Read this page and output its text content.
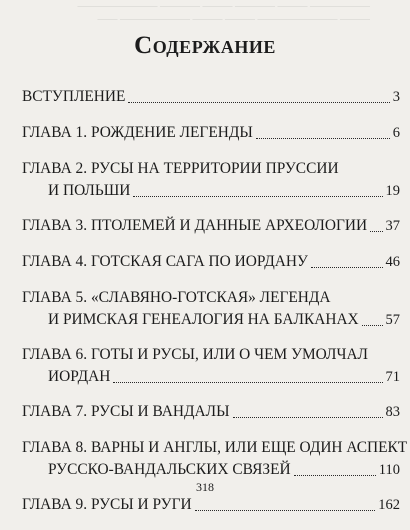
—————— ——— ———— ——— ———— ————————
——— ———————— ——— ——— ——————— ——
Содержание
ВСТУПЛЕНИЕ	3
ГЛАВА 1. РОЖДЕНИЕ ЛЕГЕНДЫ	6
ГЛАВА 2. РУСЫ НА ТЕРРИТОРИИ ПРУССИИ
И ПОЛЬШИ	19
ГЛАВА 3. ПТОЛЕМЕЙ И ДАННЫЕ АРХЕОЛОГИИ 37
ГЛАВА 4. ГОТСКАЯ САГА ПО ИОРДАНУ	46
ГЛАВА 5. «СЛАВЯНО-ГОТСКАЯ» ЛЕГЕНДА
И РИМСКАЯ ГЕНЕАЛОГИЯ НА БАЛКАНАХ 57
ГЛАВА 6. ГОТЫ И РУСЫ, ИЛИ О ЧЕМ УМОЛЧАЛ
ИОРДАН	71
ГЛАВА 7. РУСЫ И ВАНДАЛЫ	83
ГЛАВА 8. ВАРНЫ И АНГЛЫ, ИЛИ ЕЩЕ ОДИН АСПЕКТ
РУССКО-ВАНДАЛЬСКИХ СВЯЗЕЙ	110
ГЛАВА 9. РУСЫ И РУГИ	162
318
